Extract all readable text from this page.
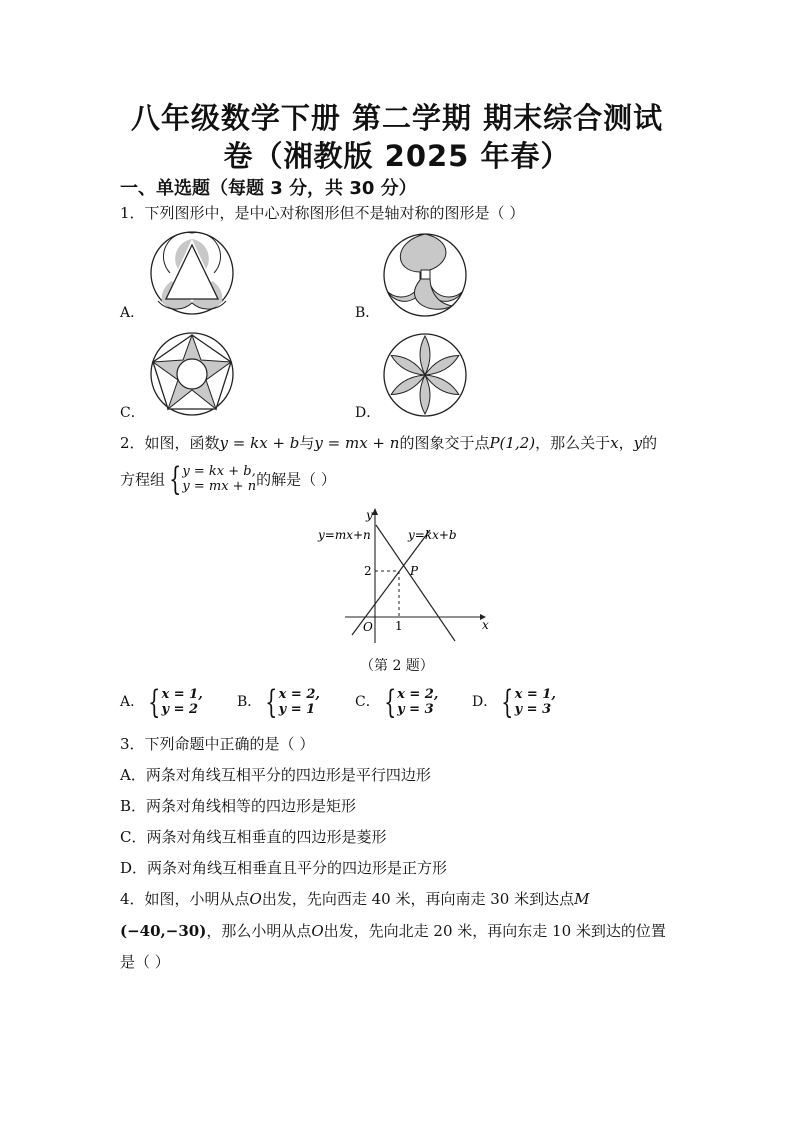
八年级数学下册 第二学期 期末综合测试
卷（湘教版 2025 年春）
一、单选题（每题 3 分，共 30 分）
1．下列图形中，是中心对称图形但不是轴对称的图形是（ ）
A．	B．
C．	D．
2．如图，函数y = kx + b与y = mx + n的图象交于点P(1,2)，那么关于x，y的
方程组 { y = kx + b,
y = mx + n 的解是（ ）
y=mx+n	y=kx+b
x
y
O
2
1
P
（第 2 题）
A． { x = 1,
y = 2	B． { x = 2,
y = 1	C． { x = 2,
y = 3	D． { x = 1,
y = 3
3．下列命题中正确的是（ ）
A．两条对角线互相平分的四边形是平行四边形
B．两条对角线相等的四边形是矩形
C．两条对角线互相垂直的四边形是菱形
D．两条对角线互相垂直且平分的四边形是正方形
4．如图，小明从点O出发，先向西走 40 米，再向南走 30 米到达点M
(−40,−30)，那么小明从点O出发，先向北走 20 米，再向东走 10 米到达的位置
是（ ）
